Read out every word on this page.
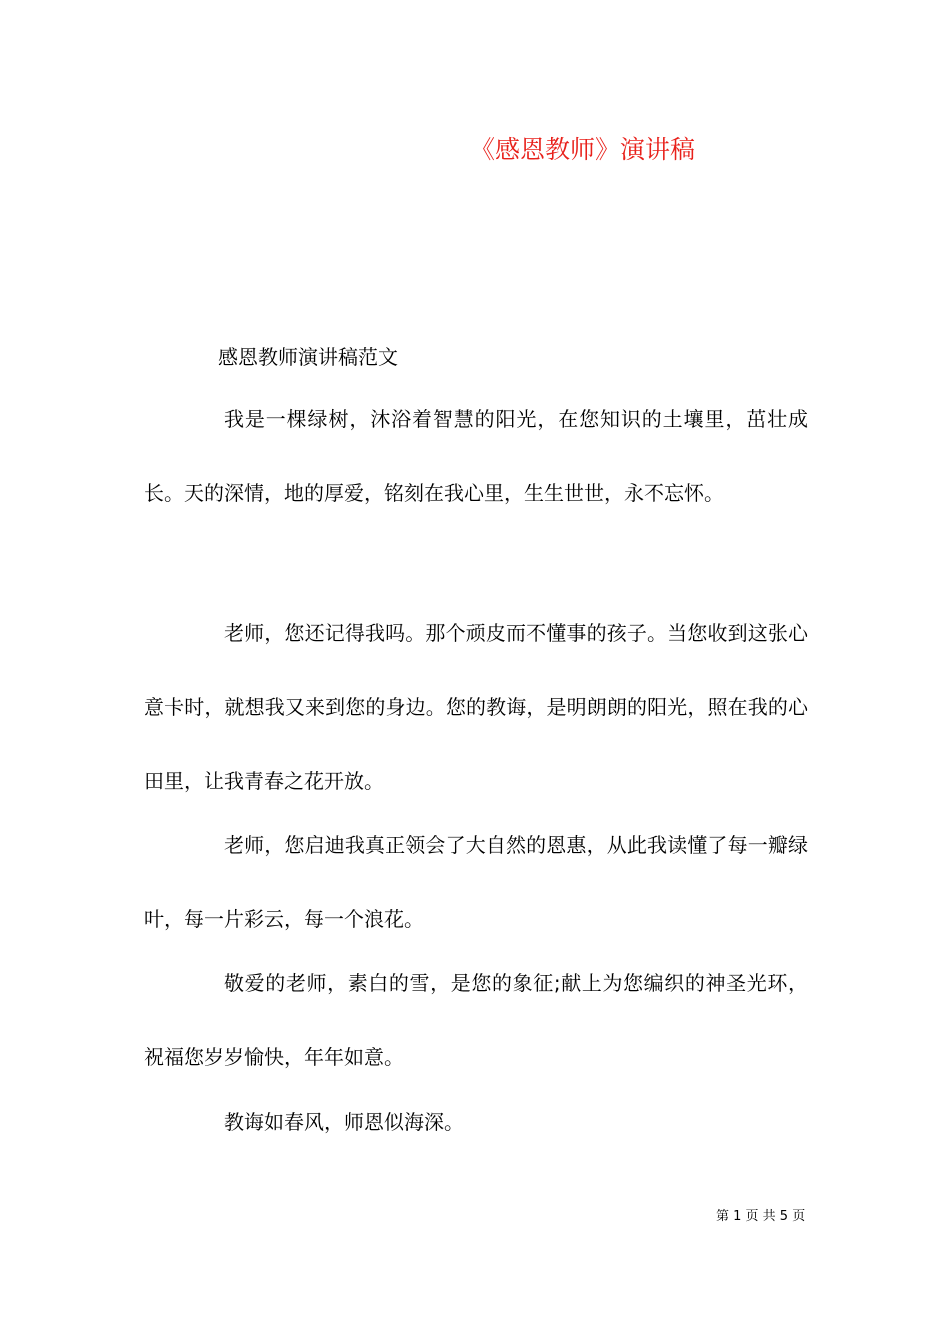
《感恩教师》演讲稿
感恩教师演讲稿范文

我是一棵绿树，沐浴着智慧的阳光，在您知识的土壤里，茁壮成长。天的深情，地的厚爱，铭刻在我心里，生生世世，永不忘怀。

老师，您还记得我吗。那个顽皮而不懂事的孩子。当您收到这张心意卡时，就想我又来到您的身边。您的教诲，是明朗朗的阳光，照在我的心田里，让我青春之花开放。

老师，您启迪我真正领会了大自然的恩惠，从此我读懂了每一瓣绿叶，每一片彩云，每一个浪花。

敬爱的老师，素白的雪，是您的象征;献上为您编织的神圣光环，祝福您岁岁愉快，年年如意。

教诲如春风，师恩似海深。

第 1 页 共 5 页
